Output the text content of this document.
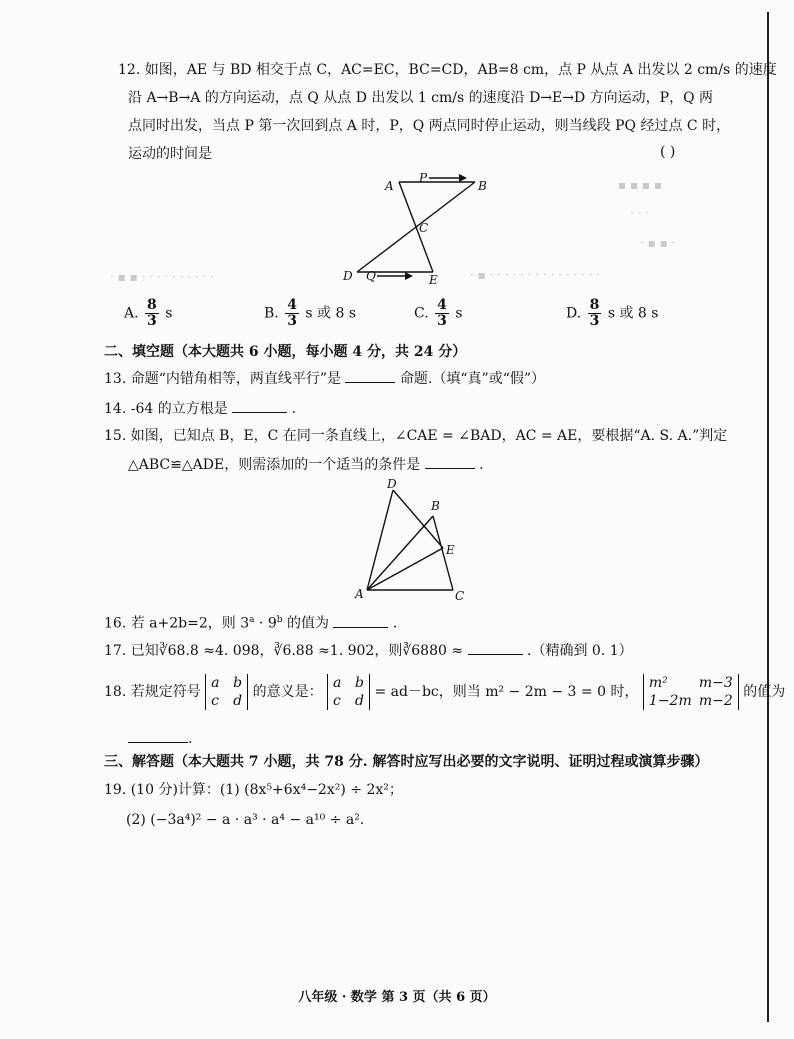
▪ ▪ ▪ ▪
· · ·
· ▪ ▪ ·
· ▪ ▪ · · · · · · · · · ·	· ▪ · · · · · · · · · · · · · · ·
12. 如图，AE 与 BD 相交于点 C，AC=EC，BC=CD，AB=8 cm，点 P 从点 A 出发以 2 cm/s 的速度
沿 A→B→A 的方向运动，点 Q 从点 D 出发以 1 cm/s 的速度沿 D→E→D 方向运动，P，Q 两
点同时出发，当点 P 第一次回到点 A 时，P，Q 两点同时停止运动，则当线段 PQ 经过点 C 时，
运动的时间是	( )
A	B
C
D	E
P
Q
A. $\frac{8}{3}$ s	B. $\frac{4}{3}$ s 或 8 s	C. $\frac{4}{3}$ s	D. $\frac{8}{3}$ s 或 8 s
二、填空题（本大题共 6 小题，每小题 4 分，共 24 分）
13. 命题“内错角相等，两直线平行”是	命题.（填“真”或“假”）
14. -64 的立方根是	.
15. 如图，已知点 B，E，C 在同一条直线上，∠CAE = ∠BAD，AC = AE，要根据“A. S. A.”判定
△ABC≌△ADE，则需添加的一个适当的条件是	.
A
B
C
D
E
16. 若 a+2b=2，则 $3^a \cdot 9^b$ 的值为	.
17. 已知∛68.8 ≈4. 098，∛6.88 ≈1. 902，则∛6880 ≈	.（精确到 0. 1）
18. 若规定符号
a b
c d
的意义是：
a b
c d
= ad－bc，则当 m² − 2m − 3 = 0 时，
m² m−3
1−2m m−2
的值为
.
三、解答题（本大题共 7 小题，共 78 分. 解答时应写出必要的文字说明、证明过程或演算步骤）
19. (10 分)计算：(1) (8x⁵+6x⁴−2x²) ÷ 2x²；
(2) (−3a⁴)² − a · a³ · a⁴ − a¹⁰ ÷ a².
八年级 · 数学 第 3 页（共 6 页）
